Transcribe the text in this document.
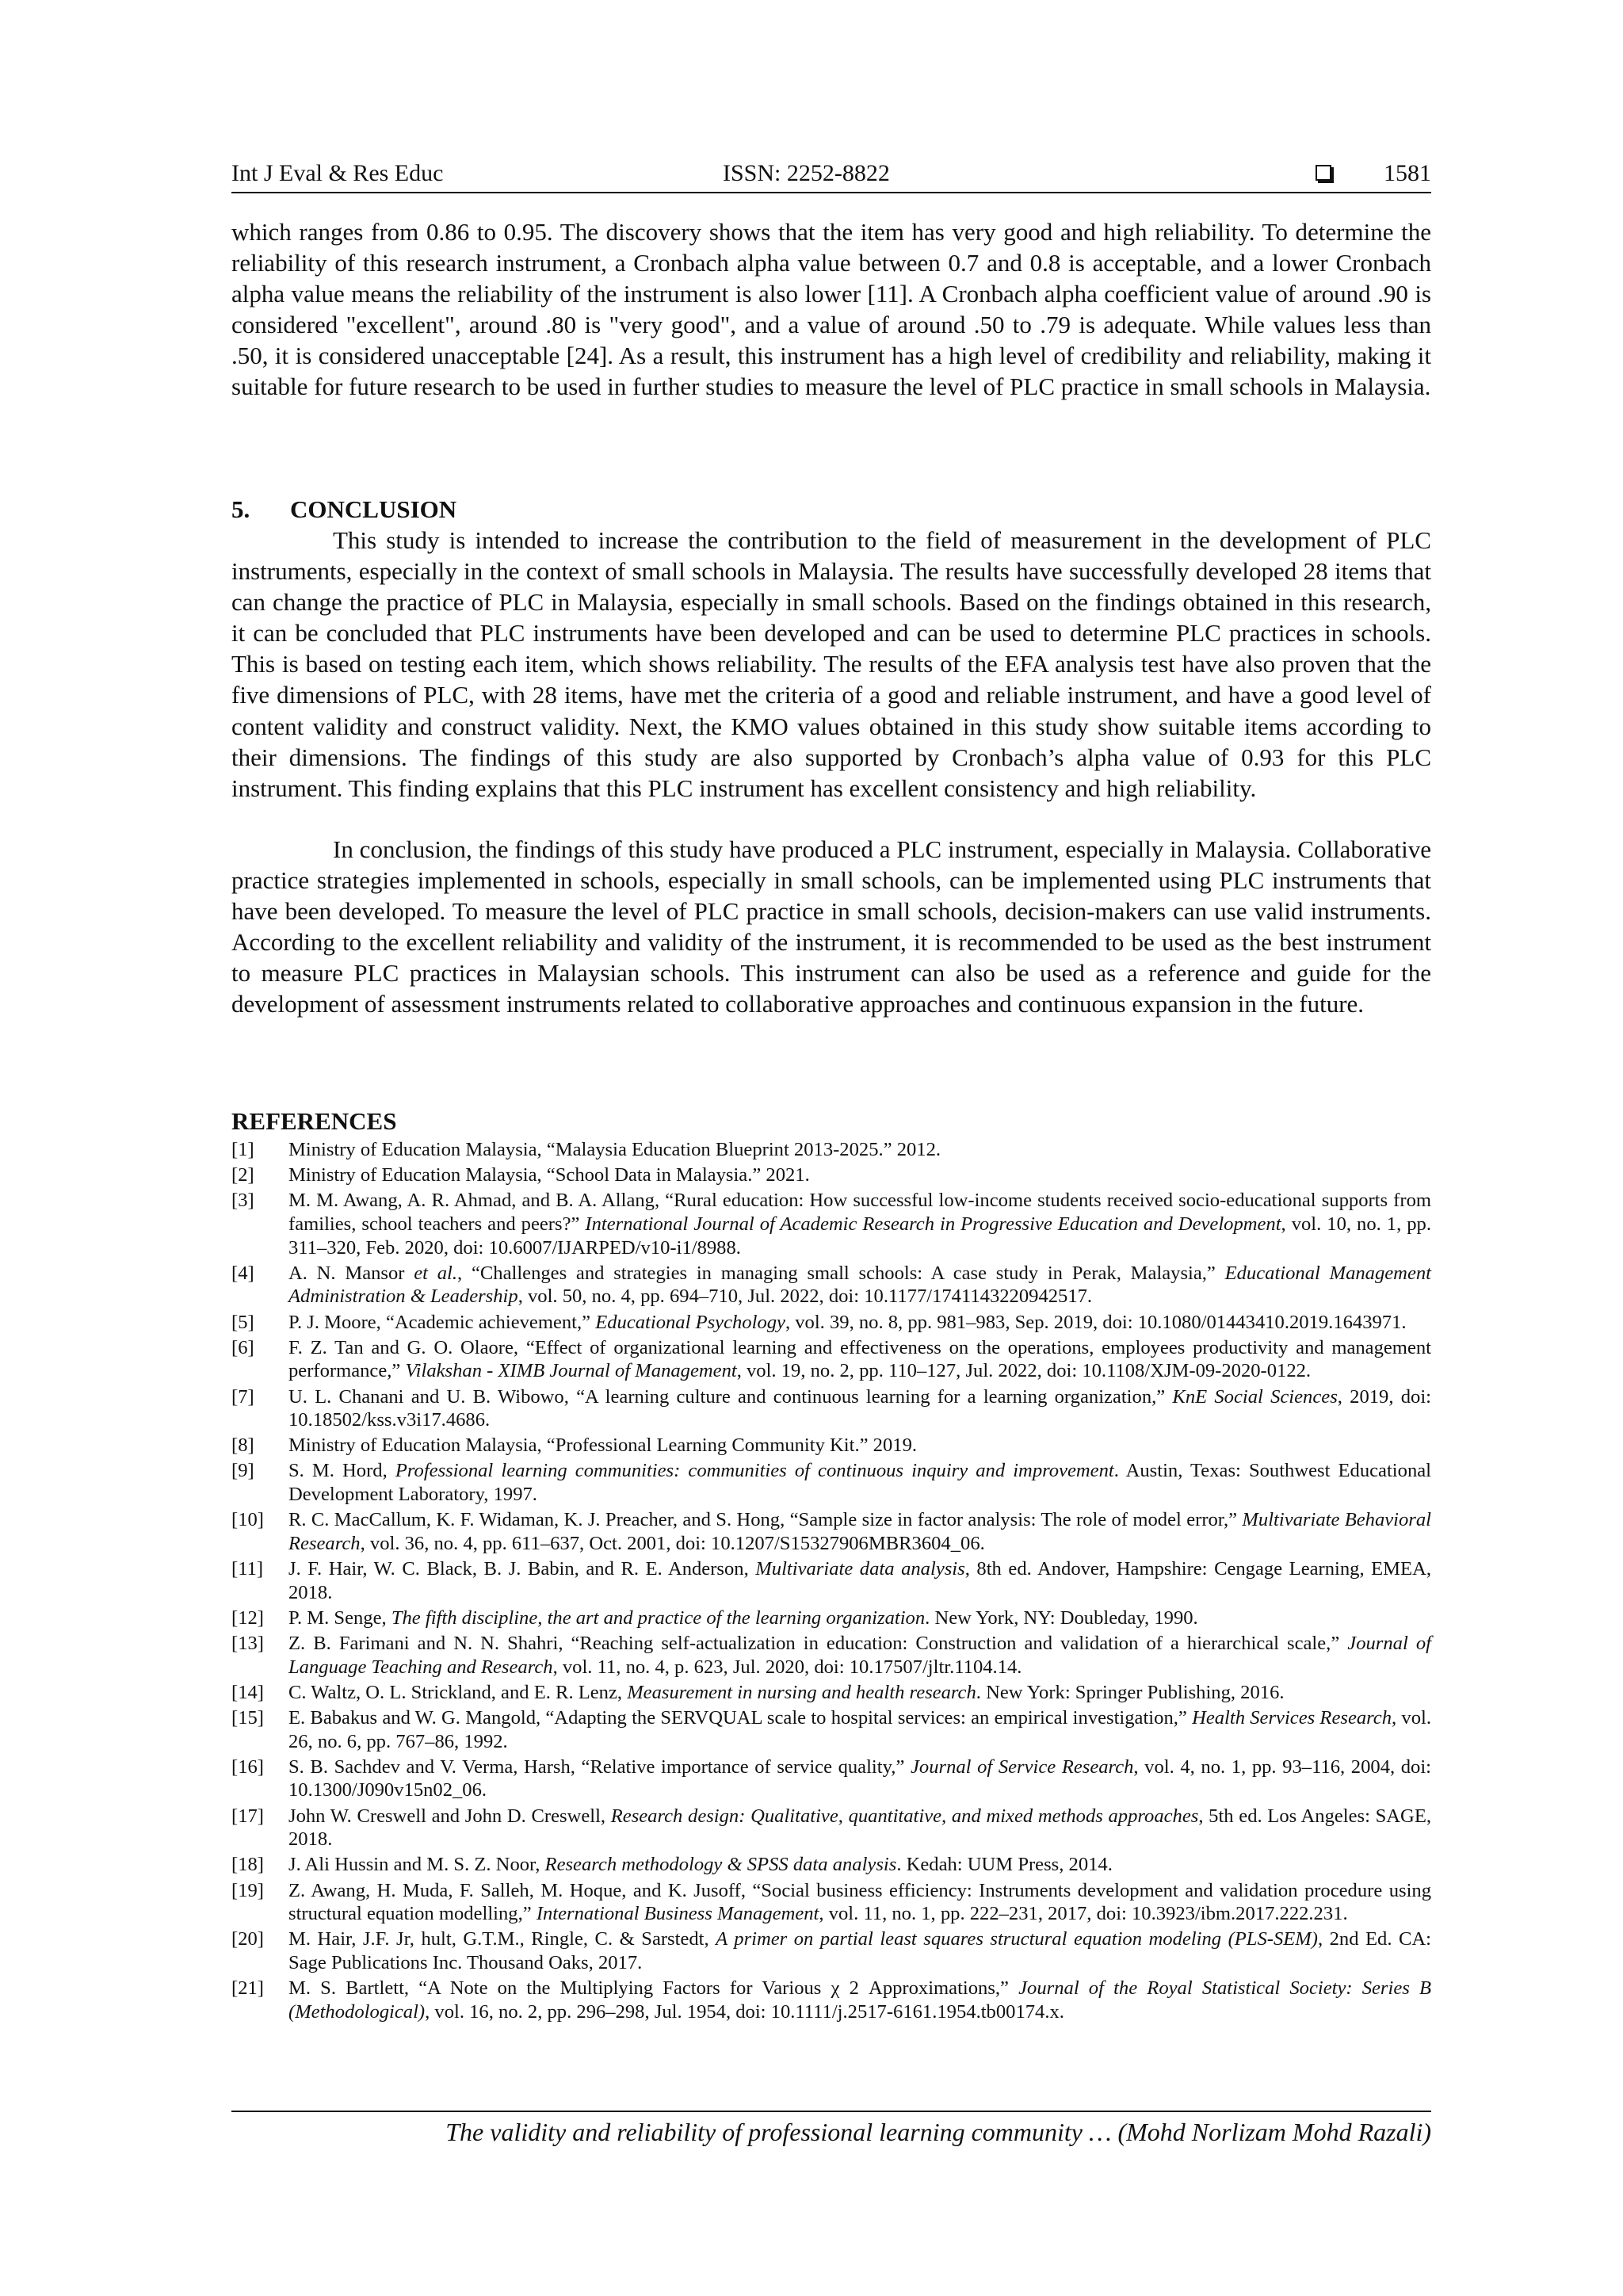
Int J Eval & Res Educ	ISSN: 2252-8822	1581

which ranges from 0.86 to 0.95. The discovery shows that the item has very good and high reliability. To determine the reliability of this research instrument, a Cronbach alpha value between 0.7 and 0.8 is acceptable, and a lower Cronbach alpha value means the reliability of the instrument is also lower [11]. A Cronbach alpha coefficient value of around .90 is considered "excellent", around .80 is "very good", and a value of around .50 to .79 is adequate. While values less than .50, it is considered unacceptable [24]. As a result, this instrument has a high level of credibility and reliability, making it suitable for future research to be used in further studies to measure the level of PLC practice in small schools in Malaysia.

5. CONCLUSION

This study is intended to increase the contribution to the field of measurement in the development of PLC instruments, especially in the context of small schools in Malaysia. The results have successfully developed 28 items that can change the practice of PLC in Malaysia, especially in small schools. Based on the findings obtained in this research, it can be concluded that PLC instruments have been developed and can be used to determine PLC practices in schools. This is based on testing each item, which shows reliability. The results of the EFA analysis test have also proven that the five dimensions of PLC, with 28 items, have met the criteria of a good and reliable instrument, and have a good level of content validity and construct validity. Next, the KMO values obtained in this study show suitable items according to their dimensions. The findings of this study are also supported by Cronbach’s alpha value of 0.93 for this PLC instrument. This finding explains that this PLC instrument has excellent consistency and high reliability.

In conclusion, the findings of this study have produced a PLC instrument, especially in Malaysia. Collaborative practice strategies implemented in schools, especially in small schools, can be implemented using PLC instruments that have been developed. To measure the level of PLC practice in small schools, decision-makers can use valid instruments. According to the excellent reliability and validity of the instrument, it is recommended to be used as the best instrument to measure PLC practices in Malaysian schools. This instrument can also be used as a reference and guide for the development of assessment instruments related to collaborative approaches and continuous expansion in the future.

REFERENCES
[1]	Ministry of Education Malaysia, “Malaysia Education Blueprint 2013-2025.” 2012.
[2]	Ministry of Education Malaysia, “School Data in Malaysia.” 2021.
[3]	M. M. Awang, A. R. Ahmad, and B. A. Allang, “Rural education: How successful low-income students received socio-educational supports from families, school teachers and peers?” International Journal of Academic Research in Progressive Education and Development, vol. 10, no. 1, pp. 311–320, Feb. 2020, doi: 10.6007/IJARPED/v10-i1/8988.
[4]	A. N. Mansor et al., “Challenges and strategies in managing small schools: A case study in Perak, Malaysia,” Educational Management Administration & Leadership, vol. 50, no. 4, pp. 694–710, Jul. 2022, doi: 10.1177/1741143220942517.
[5]	P. J. Moore, “Academic achievement,” Educational Psychology, vol. 39, no. 8, pp. 981–983, Sep. 2019, doi: 10.1080/01443410.2019.1643971.
[6]	F. Z. Tan and G. O. Olaore, “Effect of organizational learning and effectiveness on the operations, employees productivity and management performance,” Vilakshan - XIMB Journal of Management, vol. 19, no. 2, pp. 110–127, Jul. 2022, doi: 10.1108/XJM-09-2020-0122.
[7]	U. L. Chanani and U. B. Wibowo, “A learning culture and continuous learning for a learning organization,” KnE Social Sciences, 2019, doi: 10.18502/kss.v3i17.4686.
[8]	Ministry of Education Malaysia, “Professional Learning Community Kit.” 2019.
[9]	S. M. Hord, Professional learning communities: communities of continuous inquiry and improvement. Austin, Texas: Southwest Educational Development Laboratory, 1997.
[10]	R. C. MacCallum, K. F. Widaman, K. J. Preacher, and S. Hong, “Sample size in factor analysis: The role of model error,” Multivariate Behavioral Research, vol. 36, no. 4, pp. 611–637, Oct. 2001, doi: 10.1207/S15327906MBR3604_06.
[11]	J. F. Hair, W. C. Black, B. J. Babin, and R. E. Anderson, Multivariate data analysis, 8th ed. Andover, Hampshire: Cengage Learning, EMEA, 2018.
[12]	P. M. Senge, The fifth discipline, the art and practice of the learning organization. New York, NY: Doubleday, 1990.
[13]	Z. B. Farimani and N. N. Shahri, “Reaching self-actualization in education: Construction and validation of a hierarchical scale,” Journal of Language Teaching and Research, vol. 11, no. 4, p. 623, Jul. 2020, doi: 10.17507/jltr.1104.14.
[14]	C. Waltz, O. L. Strickland, and E. R. Lenz, Measurement in nursing and health research. New York: Springer Publishing, 2016.
[15]	E. Babakus and W. G. Mangold, “Adapting the SERVQUAL scale to hospital services: an empirical investigation,” Health Services Research, vol. 26, no. 6, pp. 767–86, 1992.
[16]	S. B. Sachdev and V. Verma, Harsh, “Relative importance of service quality,” Journal of Service Research, vol. 4, no. 1, pp. 93–116, 2004, doi: 10.1300/J090v15n02_06.
[17]	John W. Creswell and John D. Creswell, Research design: Qualitative, quantitative, and mixed methods approaches, 5th ed. Los Angeles: SAGE, 2018.
[18]	J. Ali Hussin and M. S. Z. Noor, Research methodology & SPSS data analysis. Kedah: UUM Press, 2014.
[19]	Z. Awang, H. Muda, F. Salleh, M. Hoque, and K. Jusoff, “Social business efficiency: Instruments development and validation procedure using structural equation modelling,” International Business Management, vol. 11, no. 1, pp. 222–231, 2017, doi: 10.3923/ibm.2017.222.231.
[20]	M. Hair, J.F. Jr, hult, G.T.M., Ringle, C. & Sarstedt, A primer on partial least squares structural equation modeling (PLS-SEM), 2nd Ed. CA: Sage Publications Inc. Thousand Oaks, 2017.
[21]	M. S. Bartlett, “A Note on the Multiplying Factors for Various χ 2 Approximations,” Journal of the Royal Statistical Society: Series B (Methodological), vol. 16, no. 2, pp. 296–298, Jul. 1954, doi: 10.1111/j.2517-6161.1954.tb00174.x.
The validity and reliability of professional learning community … (Mohd Norlizam Mohd Razali)
